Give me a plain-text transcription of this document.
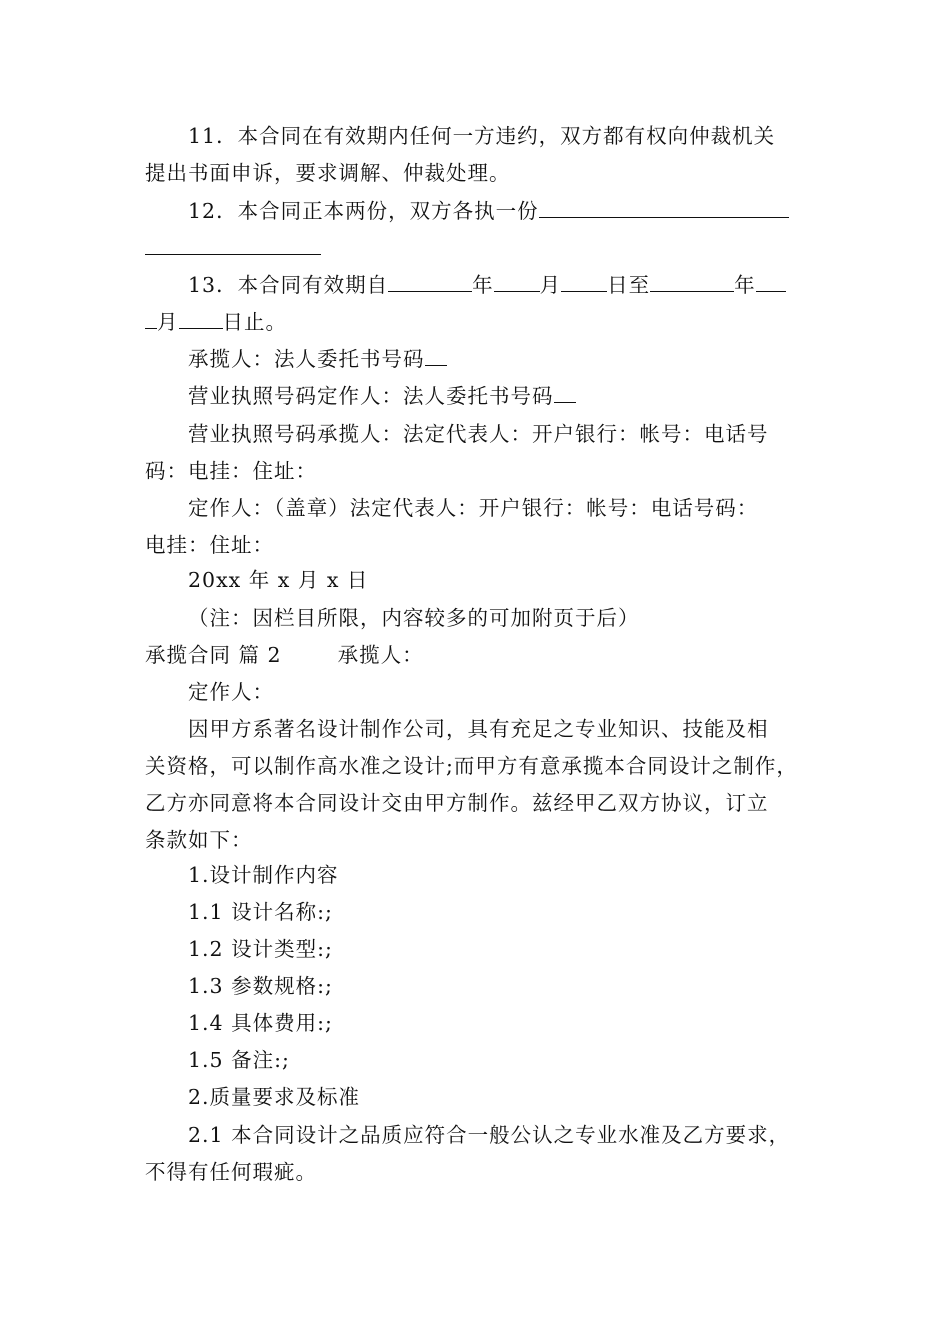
11．本合同在有效期内任何一方违约，双方都有权向仲裁机关
提出书面申诉，要求调解、仲裁处理。
12．本合同正本两份，双方各执一份
13．本合同有效期自	年 月 日至	年
月 日止。
承揽人：法人委托书号码
营业执照号码定作人：法人委托书号码
营业执照号码承揽人：法定代表人：开户银行：帐号：电话号
码：电挂：住址：
定作人：（盖章）法定代表人：开户银行：帐号：电话号码：
电挂：住址：
20xx 年 x 月 x 日
（注：因栏目所限，内容较多的可加附页于后）
承揽合同 篇 2	承揽人：
定作人：
因甲方系著名设计制作公司，具有充足之专业知识、技能及相
关资格，可以制作高水准之设计;而甲方有意承揽本合同设计之制作，
乙方亦同意将本合同设计交由甲方制作。兹经甲乙双方协议，订立
条款如下：
1.设计制作内容
1.1 设计名称:;
1.2 设计类型:;
1.3 参数规格:;
1.4 具体费用:;
1.5 备注:;
2.质量要求及标准
2.1 本合同设计之品质应符合一般公认之专业水准及乙方要求，
不得有任何瑕疵。
